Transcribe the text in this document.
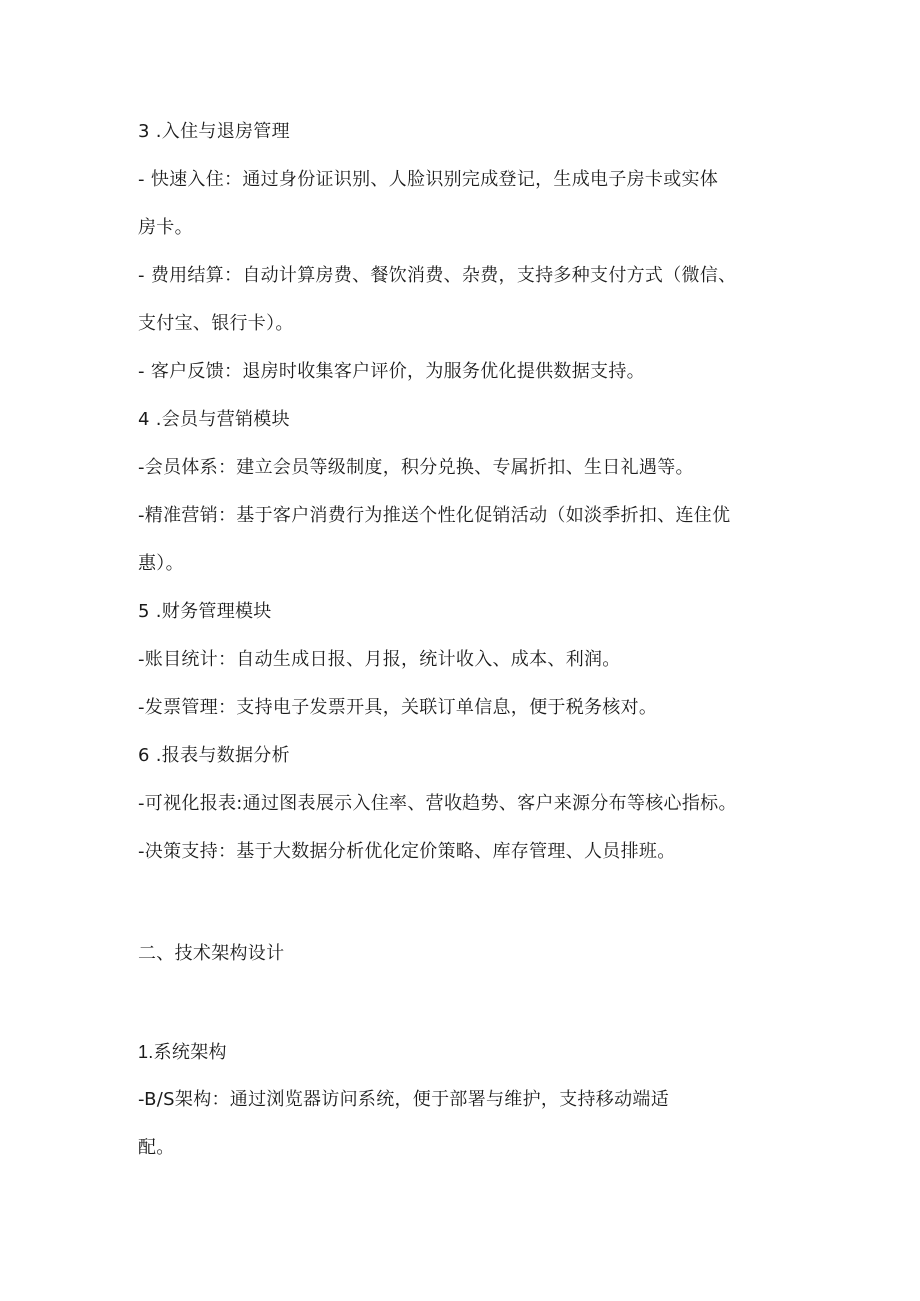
3 .入住与退房管理
- 快速入住：通过身份证识别、人脸识别完成登记，生成电子房卡或实体
房卡。
- 费用结算：自动计算房费、餐饮消费、杂费，支持多种支付方式（微信、
支付宝、银行卡）。
- 客户反馈：退房时收集客户评价，为服务优化提供数据支持。
4 .会员与营销模块
-会员体系：建立会员等级制度，积分兑换、专属折扣、生日礼遇等。
-精准营销：基于客户消费行为推送个性化促销活动（如淡季折扣、连住优
惠）。
5 .财务管理模块
-账目统计：自动生成日报、月报，统计收入、成本、利润。
-发票管理：支持电子发票开具，关联订单信息，便于税务核对。
6 .报表与数据分析
-可视化报表:通过图表展示入住率、营收趋势、客户来源分布等核心指标。
-决策支持：基于大数据分析优化定价策略、库存管理、人员排班。
二、技术架构设计
1.系统架构
-B/S架构：通过浏览器访问系统，便于部署与维护，支持移动端适
配。
